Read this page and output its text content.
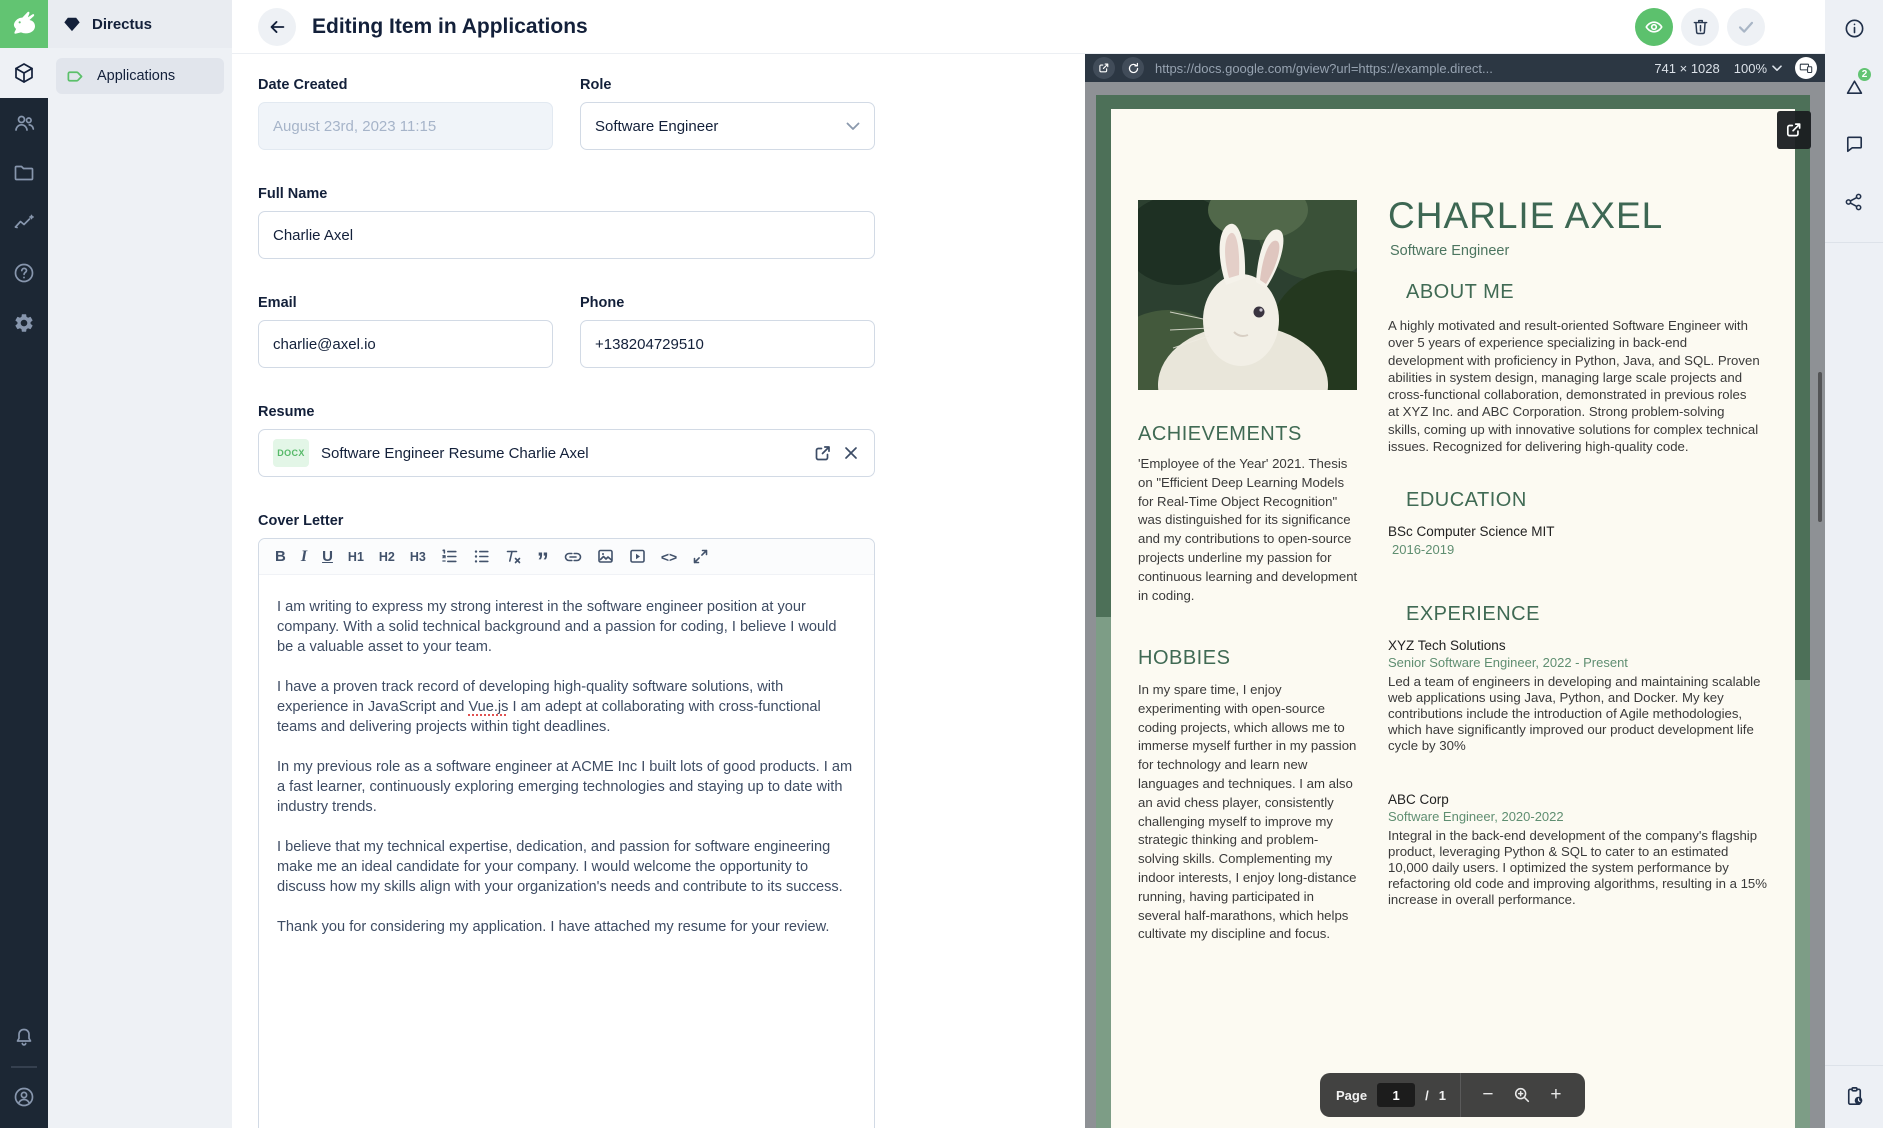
Directus
Applications
Editing Item in Applications
Date Created
August 23rd, 2023 11:15
Role
Software Engineer
Full Name
Charlie Axel
Email
charlie@axel.io
Phone
+138204729510
Resume
DOCX Software Engineer Resume Charlie Axel
Cover Letter
B I U H1 H2 H3	”	<>

I am writing to express my strong interest in the software engineer position at your company. With a solid technical background and a passion for coding, I believe I would be a valuable asset to your team.

I have a proven track record of developing high-quality software solutions, with experience in JavaScript and Vue.js I am adept at collaborating with cross-functional teams and delivering projects within tight deadlines.

In my previous role as a software engineer at ACME Inc I built lots of good products. I am a fast learner, continuously exploring emerging technologies and staying up to date with industry trends.

I believe that my technical expertise, dedication, and passion for software engineering make me an ideal candidate for your company. I would welcome the opportunity to discuss how my skills align with your organization's needs and contribute to its success.

Thank you for considering my application. I have attached my resume for your review.

https://docs.google.com/gview?url=https://example.direct...	741 × 1028 100%
ACHIEVEMENTS
'Employee of the Year' 2021. Thesis on "Efficient Deep Learning Models for Real-Time Object Recognition" was distinguished for its significance and my contributions to open-source projects underline my passion for continuous learning and development in coding.
HOBBIES
In my spare time, I enjoy experimenting with open-source coding projects, which allows me to immerse myself further in my passion for technology and learn new languages and techniques. I am also an avid chess player, consistently challenging myself to improve my strategic thinking and problem-solving skills. Complementing my indoor interests, I enjoy long-distance running, having participated in several half-marathons, which helps cultivate my discipline and focus.
CHARLIE AXEL
Software Engineer
ABOUT ME
A highly motivated and result-oriented Software Engineer with over 5 years of experience specializing in back-end development with proficiency in Python, Java, and SQL. Proven abilities in system design, managing large scale projects and cross-functional collaboration, demonstrated in previous roles at XYZ Inc. and ABC Corporation. Strong problem-solving skills, coming up with innovative solutions for complex technical issues. Recognized for delivering high-quality code.
EDUCATION
BSc Computer Science MIT
2016-2019
EXPERIENCE
XYZ Tech Solutions
Senior Software Engineer, 2022 - Present
Led a team of engineers in developing and maintaining scalable web applications using Java, Python, and Docker. My key contributions include the introduction of Agile methodologies, which have significantly improved our product development life cycle by 30%
ABC Corp
Software Engineer, 2020-2022
Integral in the back-end development of the company's flagship product, leveraging Python & SQL to cater to an estimated 10,000 daily users. I optimized the system performance by refactoring old code and improving algorithms, resulting in a 15% increase in overall performance.
Page	1	/ 1	−	+
2
